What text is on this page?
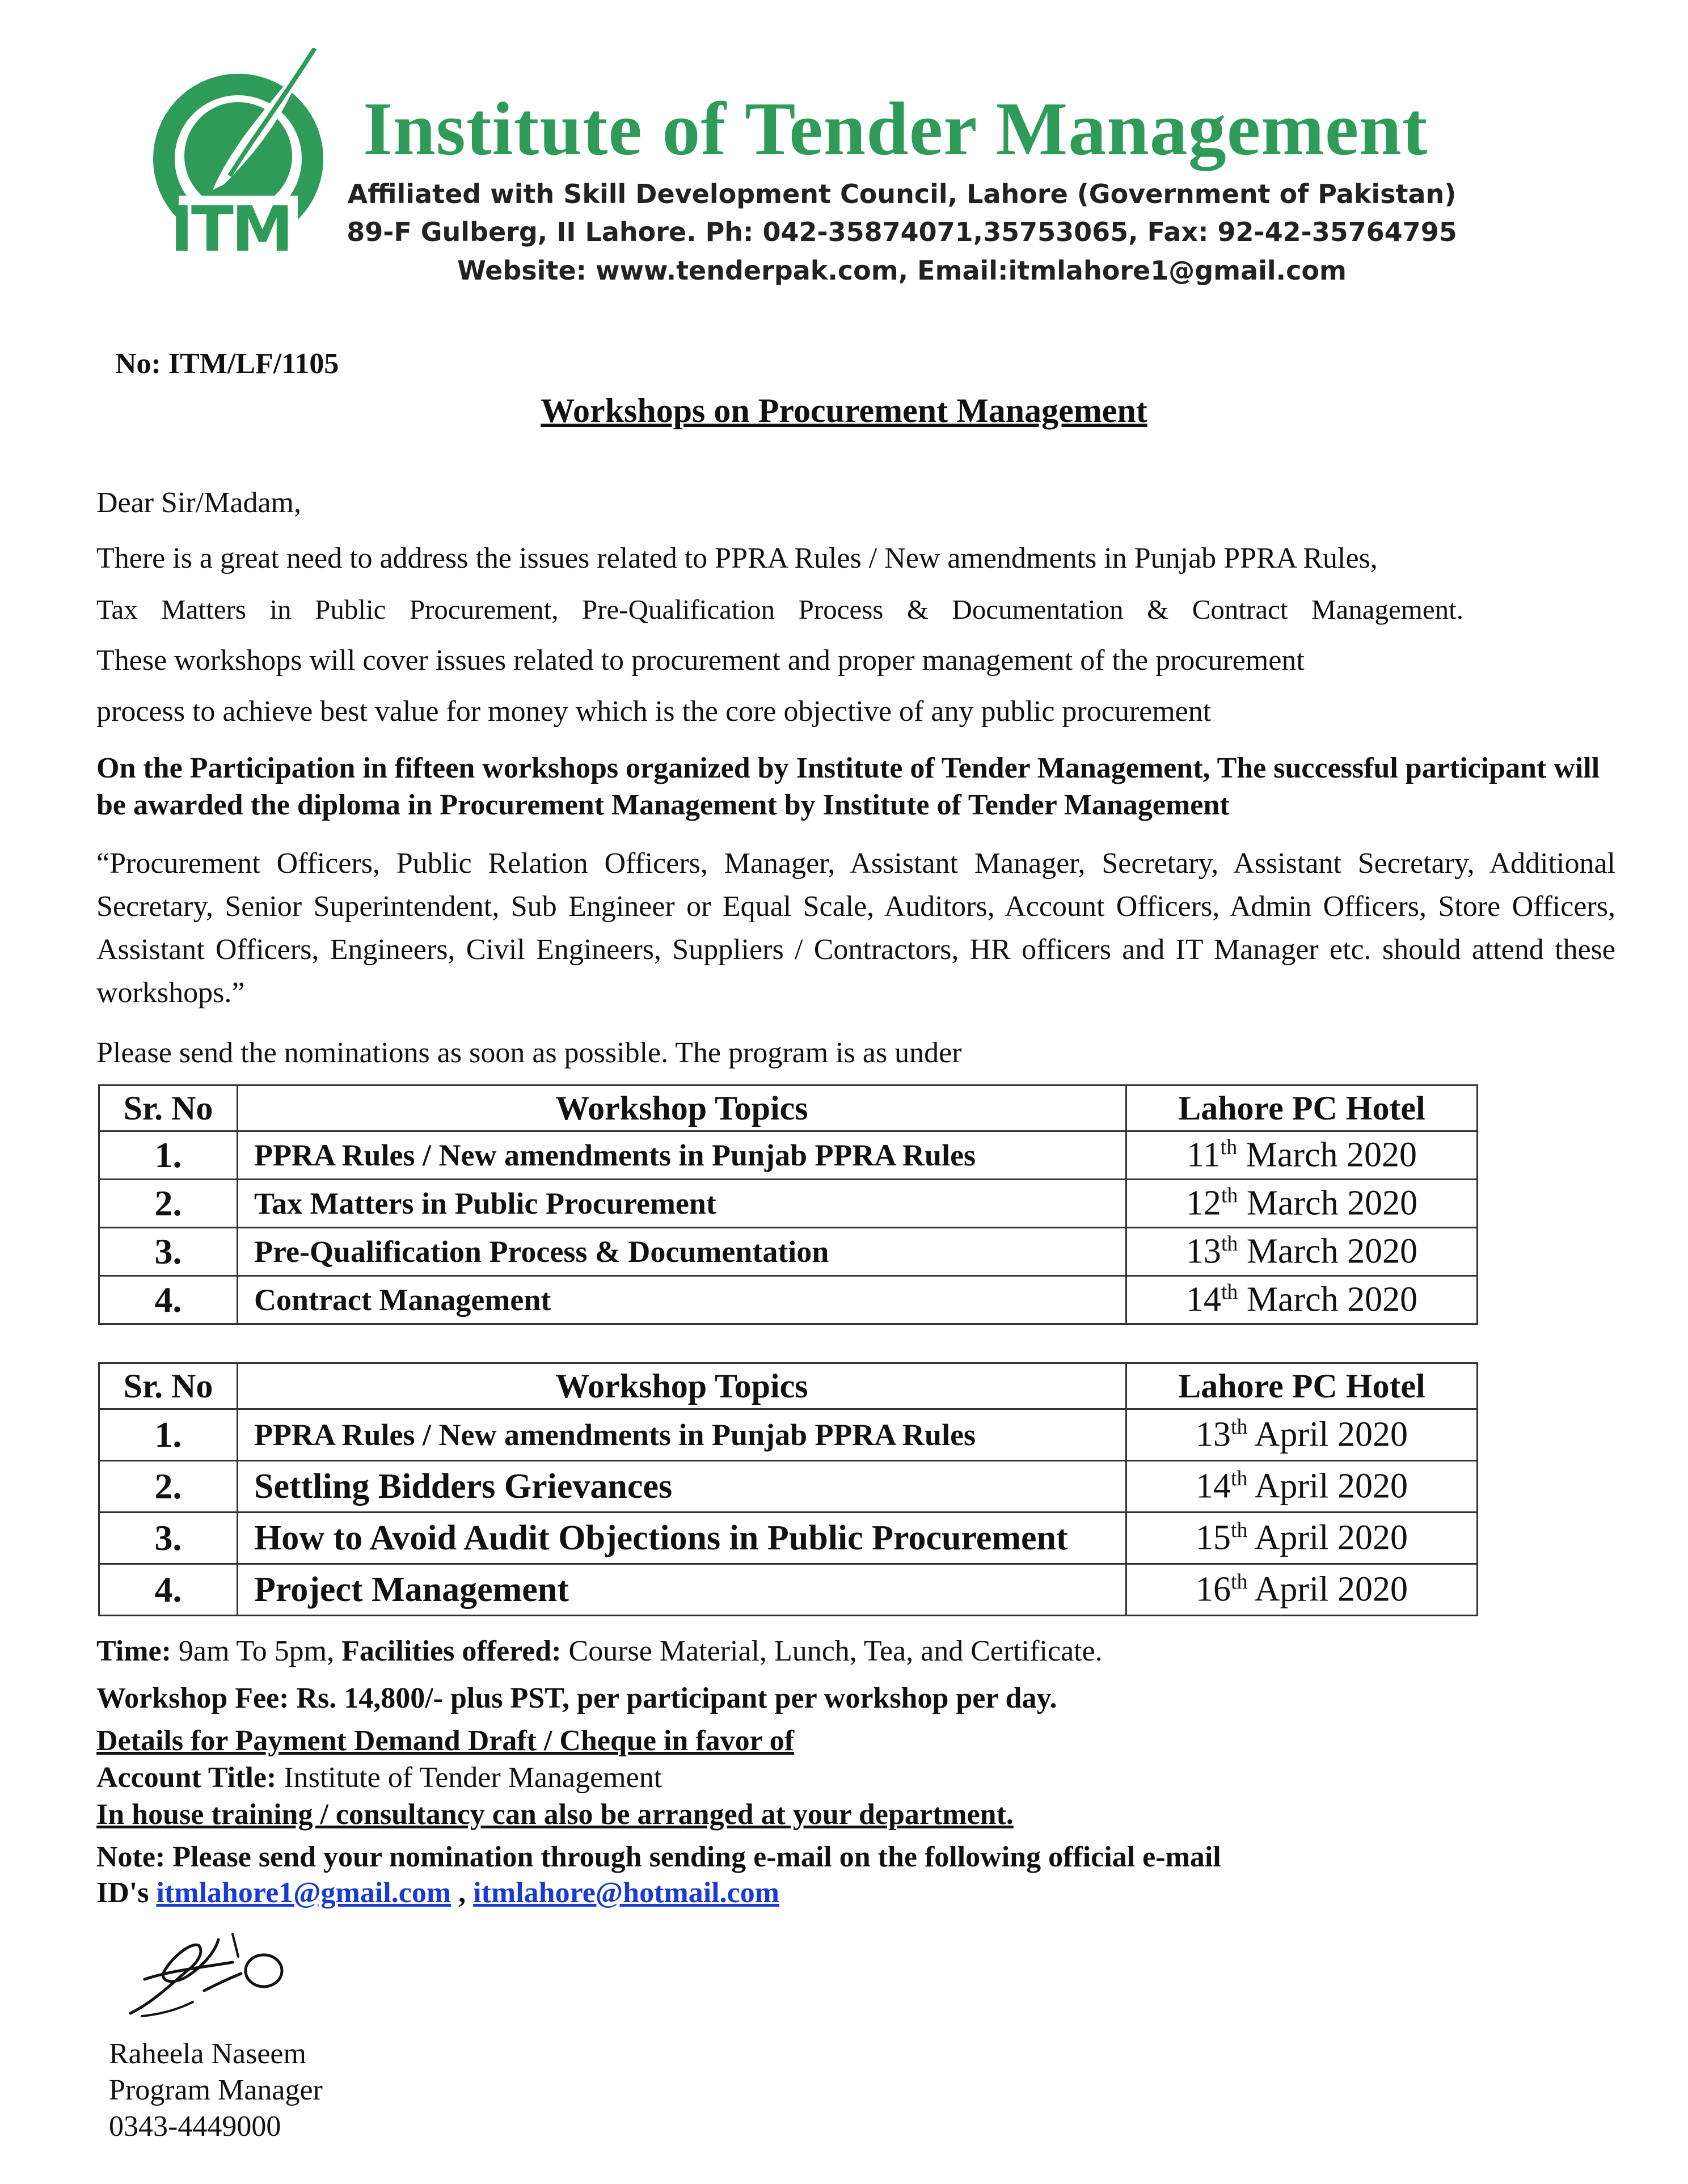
ITM
Institute of Tender Management
Affiliated with Skill Development Council, Lahore (Government of Pakistan)
89-F Gulberg, II Lahore. Ph: 042-35874071,35753065, Fax: 92-42-35764795
Website: www.tenderpak.com, Email:itmlahore1@gmail.com
No: ITM/LF/1105
Workshops on Procurement Management
Dear Sir/Madam,
There is a great need to address the issues related to PPRA Rules / New amendments in Punjab PPRA Rules,
Tax Matters in Public Procurement, Pre-Qualification Process & Documentation & Contract Management.
These workshops will cover issues related to procurement and proper management of the procurement
process to achieve best value for money which is the core objective of any public procurement
On the Participation in fifteen workshops organized by Institute of Tender Management, The successful participant will be awarded the diploma in Procurement Management by Institute of Tender Management
“Procurement Officers, Public Relation Officers, Manager, Assistant Manager, Secretary, Assistant Secretary, Additional Secretary, Senior Superintendent, Sub Engineer or Equal Scale, Auditors, Account Officers, Admin Officers, Store Officers, Assistant Officers, Engineers, Civil Engineers, Suppliers / Contractors, HR officers and IT Manager etc. should attend these workshops.”
Please send the nominations as soon as possible. The program is as under
Sr. No	Workshop Topics	Lahore PC Hotel
1.	PPRA Rules / New amendments in Punjab PPRA Rules	11th March 2020
2.	Tax Matters in Public Procurement	12th March 2020
3.	Pre-Qualification Process & Documentation	13th March 2020
4.	Contract Management	14th March 2020
Sr. No	Workshop Topics	Lahore PC Hotel
1.	PPRA Rules / New amendments in Punjab PPRA Rules	13th April 2020
2.	Settling Bidders Grievances	14th April 2020
3.	How to Avoid Audit Objections in Public Procurement	15th April 2020
4.	Project Management	16th April 2020
Time: 9am To 5pm, Facilities offered: Course Material, Lunch, Tea, and Certificate.
Workshop Fee: Rs. 14,800/- plus PST, per participant per workshop per day.
Details for Payment Demand Draft / Cheque in favor of
Account Title: Institute of Tender Management
In house training / consultancy can also be arranged at your department.
Note: Please send your nomination through sending e-mail on the following official e-mail
ID's itmlahore1@gmail.com , itmlahore@hotmail.com
Raheela Naseem
Program Manager
0343-4449000
